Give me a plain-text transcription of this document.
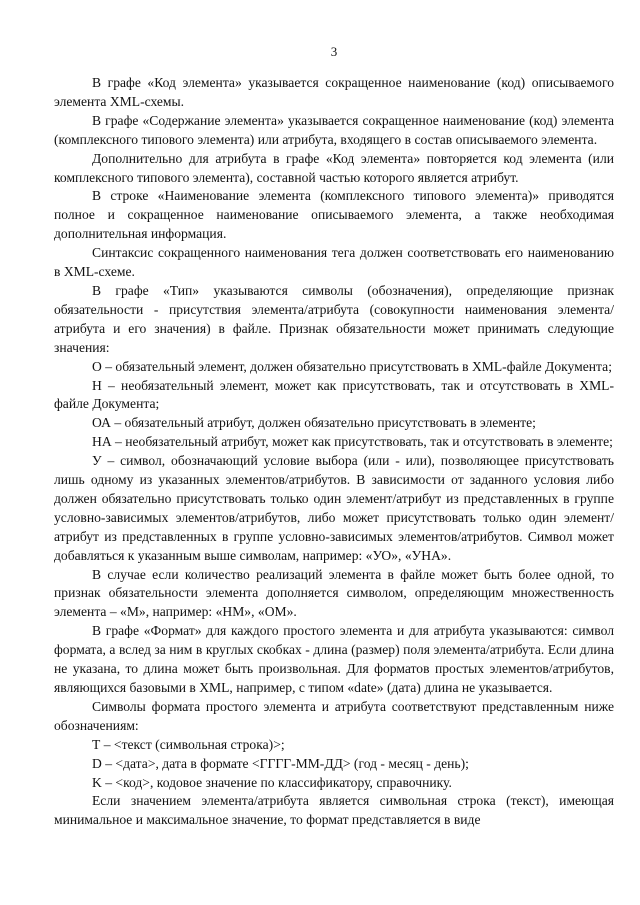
3

В графе «Код элемента» указывается сокращенное наименование (код) описываемого элемента XML-схемы.

В графе «Содержание элемента» указывается сокращенное наименование (код) элемента (комплексного типового элемента) или атрибута, входящего в состав описываемого элемента.

Дополнительно для атрибута в графе «Код элемента» повторяется код элемента (или комплексного типового элемента), составной частью которого является атрибут.

В строке «Наименование элемента (комплексного типового элемента)» приводятся полное и сокращенное наименование описываемого элемента, а также необходимая дополнительная информация.

Синтаксис сокращенного наименования тега должен соответствовать его наименованию в XML-схеме.

В графе «Тип» указываются символы (обозначения), определяющие признак обязательности - присутствия элемента/атрибута (совокупности наименования элемента/атрибута и его значения) в файле. Признак обязательности может принимать следующие значения:

О – обязательный элемент, должен обязательно присутствовать в XML-файле Документа;

Н – необязательный элемент, может как присутствовать, так и отсутствовать в XML-файле Документа;

ОА – обязательный атрибут, должен обязательно присутствовать в элементе;

НА – необязательный атрибут, может как присутствовать, так и отсутствовать в элементе;

У – символ, обозначающий условие выбора (или - или), позволяющее присутствовать лишь одному из указанных элементов/атрибутов. В зависимости от заданного условия либо должен обязательно присутствовать только один элемент/атрибут из представленных в группе условно-зависимых элементов/атрибутов, либо может присутствовать только один элемент/атрибут из представленных в группе условно-зависимых элементов/атрибутов. Символ может добавляться к указанным выше символам, например: «УО», «УНА».

В случае если количество реализаций элемента в файле может быть более одной, то признак обязательности элемента дополняется символом, определяющим множественность элемента – «М», например: «НМ», «ОМ».

В графе «Формат» для каждого простого элемента и для атрибута указываются: символ формата, а вслед за ним в круглых скобках - длина (размер) поля элемента/атрибута. Если длина не указана, то длина может быть произвольная. Для форматов простых элементов/атрибутов, являющихся базовыми в XML, например, с типом «date» (дата) длина не указывается.

Символы формата простого элемента и атрибута соответствуют представленным ниже обозначениям:

Т – <текст (символьная строка)>;

D – <дата>, дата в формате <ГГГГ-ММ-ДД> (год - месяц - день);

K – <код>, кодовое значение по классификатору, справочнику.

Если значением элемента/атрибута является символьная строка (текст), имеющая минимальное и максимальное значение, то формат представляется в виде
